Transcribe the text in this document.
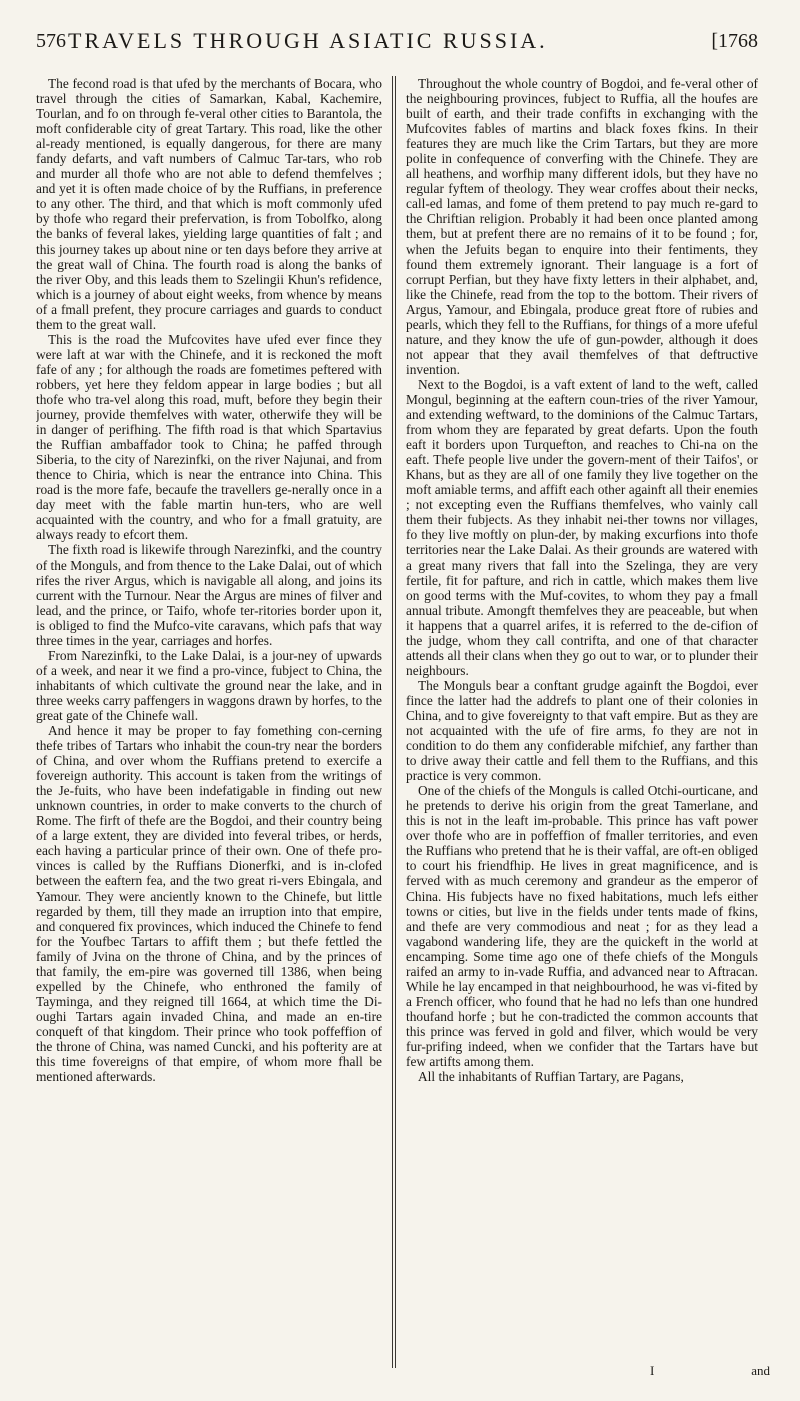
576 TRAVELS THROUGH ASIATIC RUSSIA.	[1768

The fecond road is that ufed by the merchants of Bocara, who travel through the cities of Samarkan, Kabal, Kachemire, Tourlan, and fo on through fe-veral other cities to Barantola, the moft confiderable city of great Tartary. This road, like the other al-ready mentioned, is equally dangerous, for there are many fandy defarts, and vaft numbers of Calmuc Tar-tars, who rob and murder all thofe who are not able to defend themfelves ; and yet it is often made choice of by the Ruffians, in preference to any other. The third, and that which is moft commonly ufed by thofe who regard their prefervation, is from Tobolfko, along the banks of feveral lakes, yielding large quantities of falt ; and this journey takes up about nine or ten days before they arrive at the great wall of China. The fourth road is along the banks of the river Oby, and this leads them to Szelingii Khun's refidence, which is a journey of about eight weeks, from whence by means of a fmall prefent, they procure carriages and guards to conduct them to the great wall.

This is the road the Mufcovites have ufed ever fince they were laft at war with the Chinefe, and it is reckoned the moft fafe of any ; for although the roads are fometimes peftered with robbers, yet here they feldom appear in large bodies ; but all thofe who tra-vel along this road, muft, before they begin their journey, provide themfelves with water, otherwife they will be in danger of perifhing. The fifth road is that which Spartavius the Ruffian ambaffador took to China; he paffed through Siberia, to the city of Narezinfki, on the river Najunai, and from thence to Chiria, which is near the entrance into China. This road is the more fafe, becaufe the travellers ge-nerally once in a day meet with the fable martin hun-ters, who are well acquainted with the country, and who for a fmall gratuity, are always ready to efcort them.

The fixth road is likewife through Narezinfki, and the country of the Monguls, and from thence to the Lake Dalai, out of which rifes the river Argus, which is navigable all along, and joins its current with the Turnour. Near the Argus are mines of filver and lead, and the prince, or Taifo, whofe ter-ritories border upon it, is obliged to find the Mufco-vite caravans, which pafs that way three times in the year, carriages and horfes.

From Narezinfki, to the Lake Dalai, is a jour-ney of upwards of a week, and near it we find a pro-vince, fubject to China, the inhabitants of which cultivate the ground near the lake, and in three weeks carry paffengers in waggons drawn by horfes, to the great gate of the Chinefe wall.

And hence it may be proper to fay fomething con-cerning thefe tribes of Tartars who inhabit the coun-try near the borders of China, and over whom the Ruffians pretend to exercife a fovereign authority. This account is taken from the writings of the Je-fuits, who have been indefatigable in finding out new unknown countries, in order to make converts to the church of Rome. The firft of thefe are the Bogdoi, and their country being of a large extent, they are divided into feveral tribes, or herds, each having a particular prince of their own. One of thefe pro-vinces is called by the Ruffians Dionerfki, and is in-clofed between the eaftern fea, and the two great ri-vers Ebingala, and Yamour. They were anciently known to the Chinefe, but little regarded by them, till they made an irruption into that empire, and conquered fix provinces, which induced the Chinefe to fend for the Youfbec Tartars to affift them ; but thefe fettled the family of Jvina on the throne of China, and by the princes of that family, the em-pire was governed till 1386, when being expelled by the Chinefe, who enthroned the family of Tayminga, and they reigned till 1664, at which time the Di-oughi Tartars again invaded China, and made an en-tire conqueft of that kingdom. Their prince who took poffeffion of the throne of China, was named Cuncki, and his pofterity are at this time fovereigns of that empire, of whom more fhall be mentioned afterwards.

Throughout the whole country of Bogdoi, and fe-veral other of the neighbouring provinces, fubject to Ruffia, all the houfes are built of earth, and their trade confifts in exchanging with the Mufcovites fables of martins and black foxes fkins. In their features they are much like the Crim Tartars, but they are more polite in confequence of converfing with the Chinefe. They are all heathens, and worfhip many different idols, but they have no regular fyftem of theology. They wear croffes about their necks, call-ed lamas, and fome of them pretend to pay much re-gard to the Chriftian religion. Probably it had been once planted among them, but at prefent there are no remains of it to be found ; for, when the Jefuits began to enquire into their fentiments, they found them extremely ignorant. Their language is a fort of corrupt Perfian, but they have fixty letters in their alphabet, and, like the Chinefe, read from the top to the bottom. Their rivers of Argus, Yamour, and Ebingala, produce great ftore of rubies and pearls, which they fell to the Ruffians, for things of a more ufeful nature, and they know the ufe of gun-powder, although it does not appear that they avail themfelves of that deftructive invention.

Next to the Bogdoi, is a vaft extent of land to the weft, called Mongul, beginning at the eaftern coun-tries of the river Yamour, and extending weftward, to the dominions of the Calmuc Tartars, from whom they are feparated by great defarts. Upon the fouth eaft it borders upon Turquefton, and reaches to Chi-na on the eaft. Thefe people live under the govern-ment of their Taifos', or Khans, but as they are all of one family they live together on the moft amiable terms, and affift each other againft all their enemies ; not excepting even the Ruffians themfelves, who vainly call them their fubjects. As they inhabit nei-ther towns nor villages, fo they live moftly on plun-der, by making excurfions into thofe territories near the Lake Dalai. As their grounds are watered with a great many rivers that fall into the Szelinga, they are very fertile, fit for pafture, and rich in cattle, which makes them live on good terms with the Muf-covites, to whom they pay a fmall annual tribute. Amongft themfelves they are peaceable, but when it happens that a quarrel arifes, it is referred to the de-cifion of the judge, whom they call contrifta, and one of that character attends all their clans when they go out to war, or to plunder their neighbours.

The Monguls bear a conftant grudge againft the Bogdoi, ever fince the latter had the addrefs to plant one of their colonies in China, and to give fovereignty to that vaft empire. But as they are not acquainted with the ufe of fire arms, fo they are not in condition to do them any confiderable mifchief, any farther than to drive away their cattle and fell them to the Ruffians, and this practice is very common.

One of the chiefs of the Monguls is called Otchi-ourticane, and he pretends to derive his origin from the great Tamerlane, and this is not in the leaft im-probable. This prince has vaft power over thofe who are in poffeffion of fmaller territories, and even the Ruffians who pretend that he is their vaffal, are oft-en obliged to court his friendfhip. He lives in great magnificence, and is ferved with as much ceremony and grandeur as the emperor of China. His fubjects have no fixed habitations, much lefs either towns or cities, but live in the fields under tents made of fkins, and thefe are very commodious and neat ; for as they lead a vagabond wandering life, they are the quickeft in the world at encamping. Some time ago one of thefe chiefs of the Monguls raifed an army to in-vade Ruffia, and advanced near to Aftracan. While he lay encamped in that neighbourhood, he was vi-fited by a French officer, who found that he had no lefs than one hundred thoufand horfe ; but he con-tradicted the common accounts that this prince was ferved in gold and filver, which would be very fur-prifing indeed, when we confider that the Tartars have but few artifts among them.

All the inhabitants of Ruffian Tartary, are Pagans,

I	and
